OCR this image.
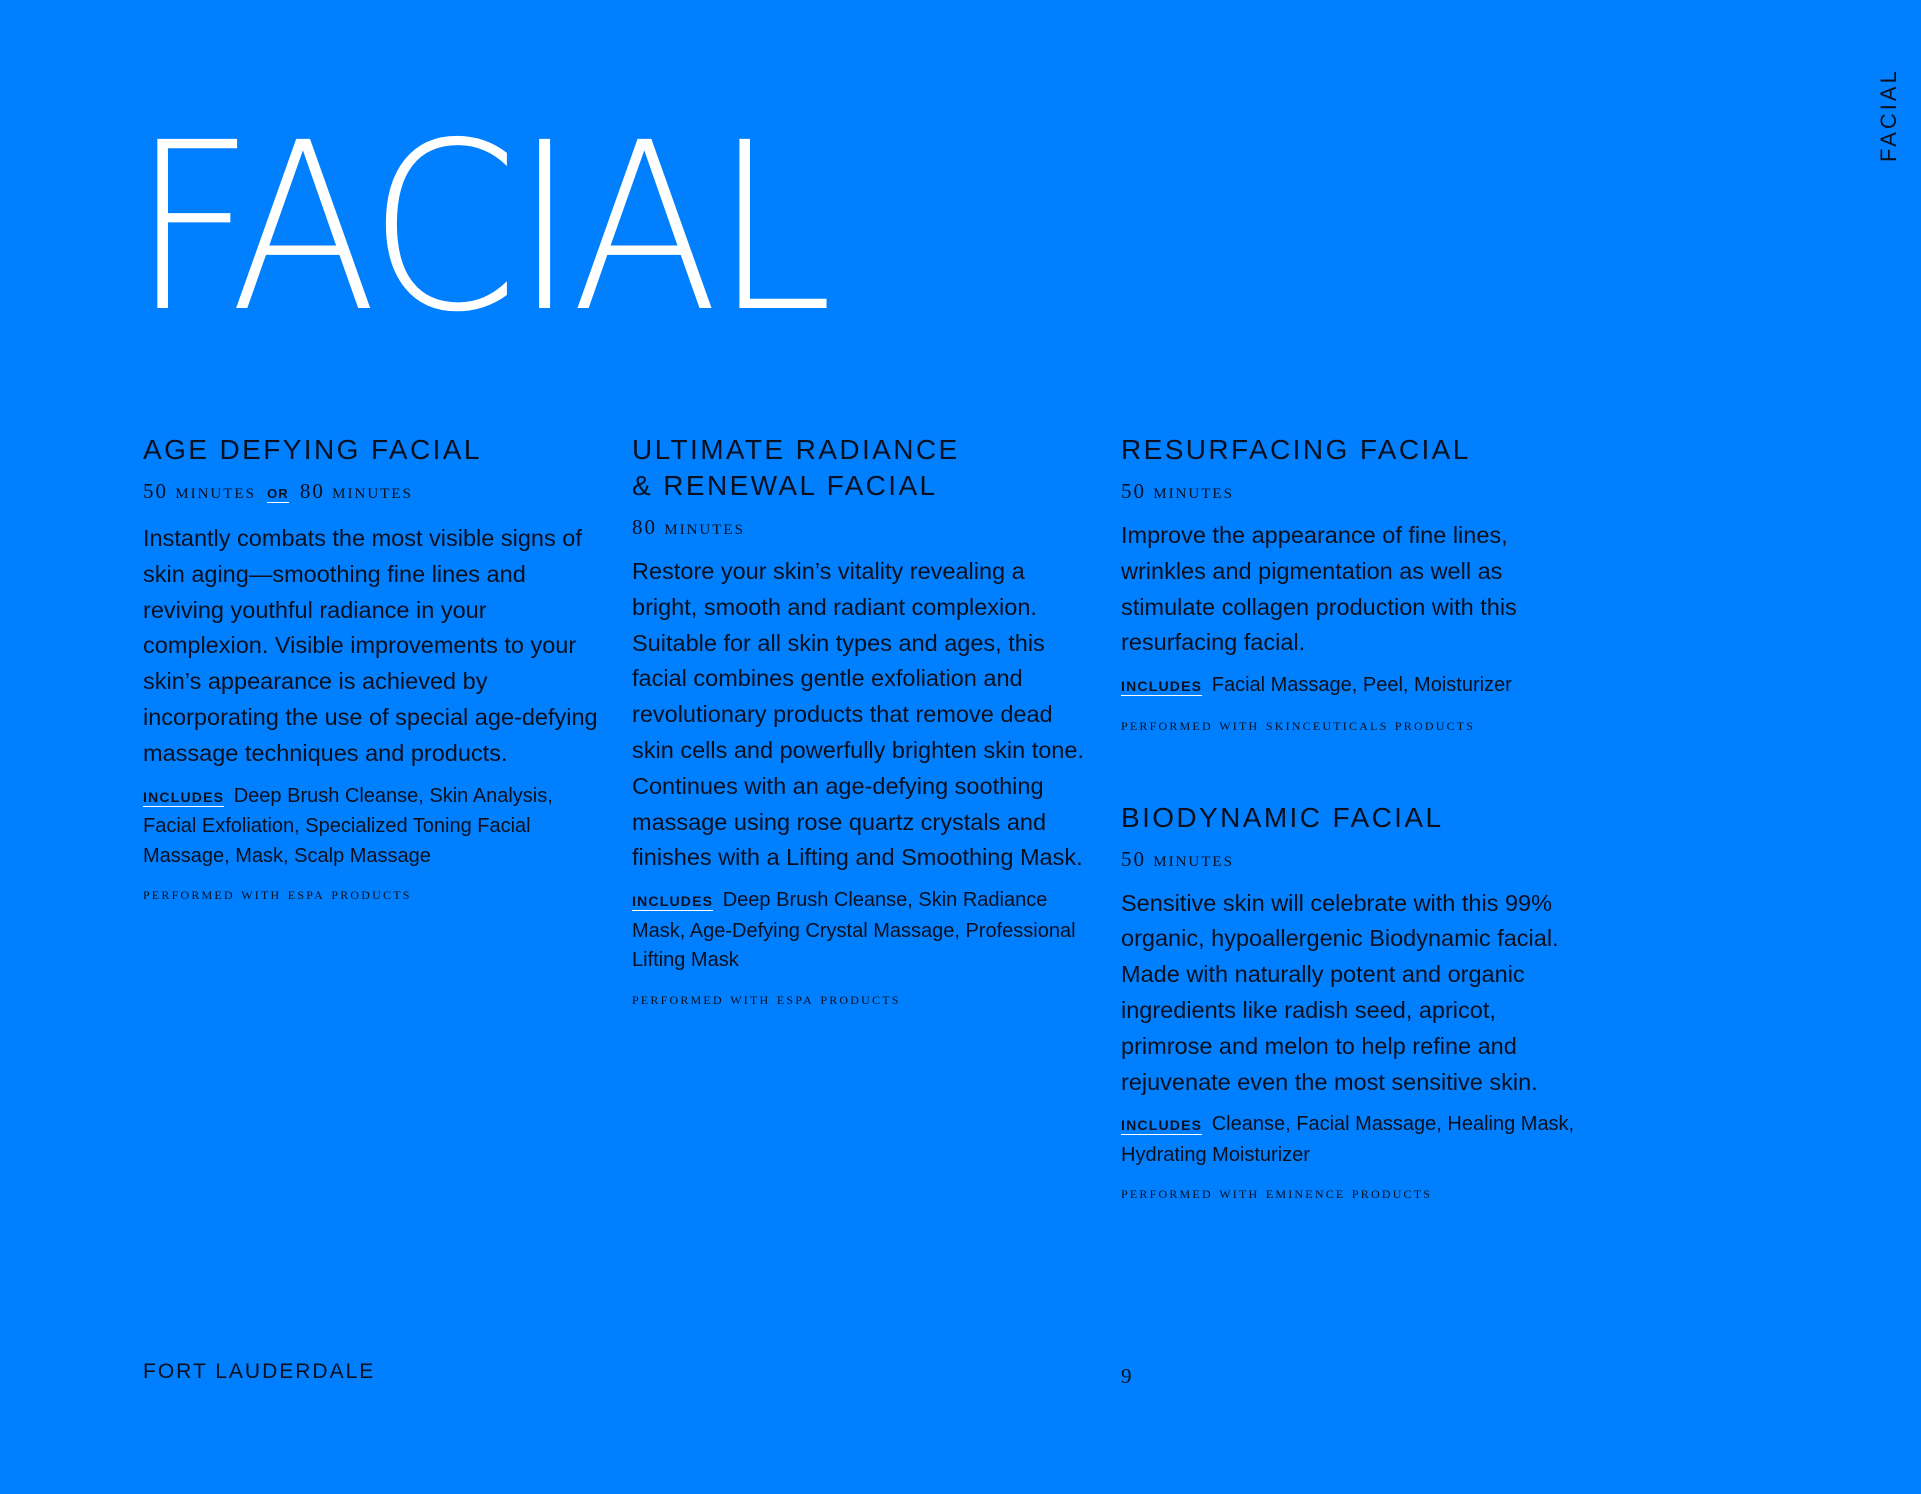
FACIAL	FACIAL
AGE DEFYING FACIAL
50 minutes OR 80 minutes

Instantly combats the most visible signs of skin aging—smoothing fine lines and reviving youthful radiance in your complexion. Visible improvements to your skin’s appearance is achieved by incorporating the use of special age-defying massage techniques and products.

INCLUDES Deep Brush Cleanse, Skin Analysis, Facial Exfoliation, Specialized Toning Facial Massage, Mask, Scalp Massage

performed with espa products
ULTIMATE RADIANCE
& RENEWAL FACIAL
80 minutes

Restore your skin’s vitality revealing a bright, smooth and radiant complexion. Suitable for all skin types and ages, this facial combines gentle exfoliation and revolutionary products that remove dead skin cells and powerfully brighten skin tone. Continues with an age-defying soothing massage using rose quartz crystals and finishes with a Lifting and Smoothing Mask.

INCLUDES Deep Brush Cleanse, Skin Radiance Mask, Age-Defying Crystal Massage, Professional Lifting Mask

performed with espa products
RESURFACING FACIAL
50 minutes

Improve the appearance of fine lines, wrinkles and pigmentation as well as stimulate collagen production with this resurfacing facial.

INCLUDES Facial Massage, Peel, Moisturizer

performed with skinceuticals products
BIODYNAMIC FACIAL
50 minutes

Sensitive skin will celebrate with this 99% organic, hypoallergenic Biodynamic facial. Made with naturally potent and organic ingredients like radish seed, apricot, primrose and melon to help refine and rejuvenate even the most sensitive skin.

INCLUDES Cleanse, Facial Massage, Healing Mask, Hydrating Moisturizer

performed with eminence products
FORT LAUDERDALE	9
